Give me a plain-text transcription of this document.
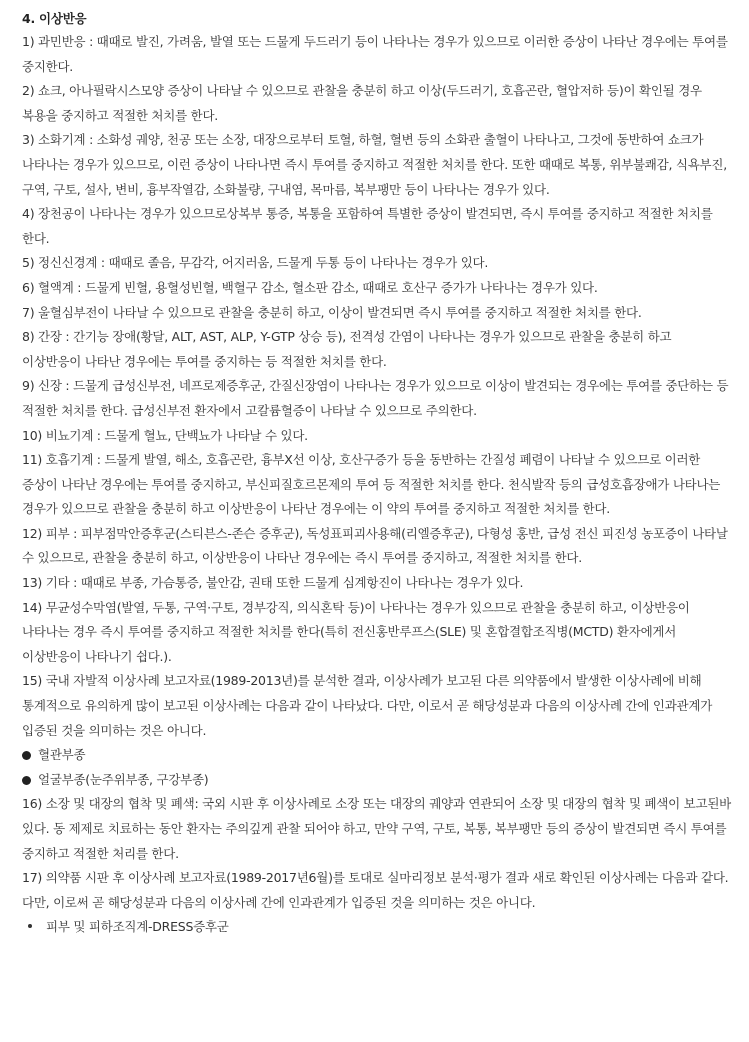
4. 이상반응

1) 과민반응 : 때때로 발진, 가려움, 발열 또는 드물게 두드러기 등이 나타나는 경우가 있으므로 이러한 증상이 나타난 경우에는 투여를 중지한다.

2) 쇼크, 아나필락시스모양 증상이 나타날 수 있으므로 관찰을 충분히 하고 이상(두드러기, 호흡곤란, 혈압저하 등)이 확인될 경우 복용을 중지하고 적절한 처치를 한다.

3) 소화기계 : 소화성 궤양, 천공 또는 소장, 대장으로부터 토혈, 하혈, 혈변 등의 소화관 출혈이 나타나고, 그것에 동반하여 쇼크가 나타나는 경우가 있으므로, 이런 증상이 나타나면 즉시 투여를 중지하고 적절한 처치를 한다. 또한 때때로 복통, 위부불쾌감, 식욕부진, 구역, 구토, 설사, 변비, 흉부작열감, 소화불량, 구내염, 목마름, 복부팽만 등이 나타나는 경우가 있다.

4) 장천공이 나타나는 경우가 있으므로상복부 통증, 복통을 포함하여 특별한 증상이 발견되면, 즉시 투여를 중지하고 적절한 처치를 한다.

5) 정신신경계 : 때때로 졸음, 무감각, 어지러움, 드물게 두통 등이 나타나는 경우가 있다.

6) 혈액계 : 드물게 빈혈, 용혈성빈혈, 백혈구 감소, 혈소판 감소, 때때로 호산구 증가가 나타나는 경우가 있다.

7) 울혈심부전이 나타날 수 있으므로 관찰을 충분히 하고, 이상이 발견되면 즉시 투여를 중지하고 적절한 처치를 한다.

8) 간장 : 간기능 장애(황달, ALT, AST, ALP, Y-GTP 상승 등), 전격성 간염이 나타나는 경우가 있으므로 관찰을 충분히 하고 이상반응이 나타난 경우에는 투여를 중지하는 등 적절한 처치를 한다.

9) 신장 : 드물게 급성신부전, 네프로제증후군, 간질신장염이 나타나는 경우가 있으므로 이상이 발견되는 경우에는 투여를 중단하는 등 적절한 처치를 한다. 급성신부전 환자에서 고칼륨혈증이 나타날 수 있으므로 주의한다.

10) 비뇨기계 : 드물게 혈뇨, 단백뇨가 나타날 수 있다.

11) 호흡기계 : 드물게 발열, 해소, 호흡곤란, 흉부X선 이상, 호산구증가 등을 동반하는 간질성 폐렴이 나타날 수 있으므로 이러한 증상이 나타난 경우에는 투여를 중지하고, 부신피질호르몬제의 투여 등 적절한 처치를 한다. 천식발작 등의 급성호흡장애가 나타나는 경우가 있으므로 관찰을 충분히 하고 이상반응이 나타난 경우에는 이 약의 투여를 중지하고 적절한 처치를 한다.

12) 피부 : 피부점막안증후군(스티븐스-존슨 증후군), 독성표피괴사용해(리엘증후군), 다형성 홍반, 급성 전신 피진성 농포증이 나타날 수 있으므로, 관찰을 충분히 하고, 이상반응이 나타난 경우에는 즉시 투여를 중지하고, 적절한 처치를 한다.

13) 기타 : 때때로 부종, 가슴통증, 불안감, 권태 또한 드물게 심계항진이 나타나는 경우가 있다.

14) 무균성수막염(발열, 두통, 구역·구토, 경부강직, 의식혼탁 등)이 나타나는 경우가 있으므로 관찰을 충분히 하고, 이상반응이 나타나는 경우 즉시 투여를 중지하고 적절한 처치를 한다(특히 전신홍반루프스(SLE) 및 혼합결합조직병(MCTD) 환자에게서 이상반응이 나타나기 쉽다.).

15) 국내 자발적 이상사례 보고자료(1989-2013년)를 분석한 결과, 이상사례가 보고된 다른 의약품에서 발생한 이상사례에 비해 통계적으로 유의하게 많이 보고된 이상사례는 다음과 같이 나타났다. 다만, 이로서 곧 해당성분과 다음의 이상사례 간에 인과관계가 입증된 것을 의미하는 것은 아니다.

혈관부종

얼굴부종(눈주위부종, 구강부종)

16) 소장 및 대장의 협착 및 폐색: 국외 시판 후 이상사례로 소장 또는 대장의 궤양과 연관되어 소장 및 대장의 협착 및 폐색이 보고된바 있다. 동 제제로 치료하는 동안 환자는 주의깊게 관찰 되어야 하고, 만약 구역, 구토, 복통, 복부팽만 등의 증상이 발견되면 즉시 투여를 중지하고 적절한 처리를 한다.

17) 의약품 시판 후 이상사례 보고자료(1989-2017년6월)를 토대로 실마리정보 분석·평가 결과 새로 확인된 이상사례는 다음과 같다. 다만, 이로써 곧 해당성분과 다음의 이상사례 간에 인과관계가 입증된 것을 의미하는 것은 아니다.

피부 및 피하조직계-DRESS증후군
